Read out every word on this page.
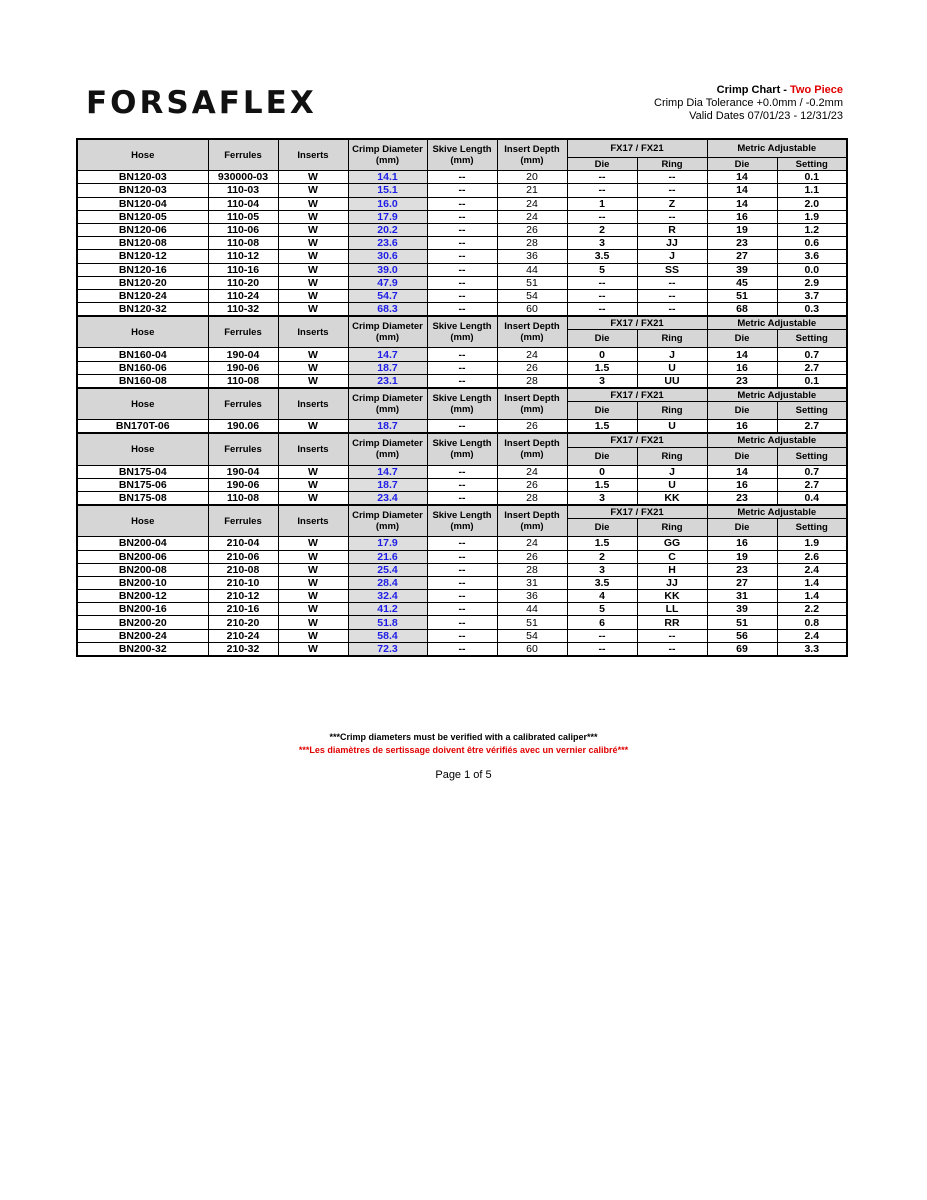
FORSAFLEX	Crimp Chart - Two Piece
Crimp Dia Tolerance +0.0mm / -0.2mm
Valid Dates 07/01/23 - 12/31/23
Hose	Ferrules	Inserts	Crimp Diameter
(mm)	Skive Length
(mm)	Insert Depth
(mm)	FX17 / FX21		Metric Adjustable	
						Die	Ring	Die	Setting
BN120-03	930000-03	W	14.1	--	20	--	--	14	0.1
BN120-03	110-03	W	15.1	--	21	--	--	14	1.1
BN120-04	110-04	W	16.0	--	24	1	Z	14	2.0
BN120-05	110-05	W	17.9	--	24	--	--	16	1.9
BN120-06	110-06	W	20.2	--	26	2	R	19	1.2
BN120-08	110-08	W	23.6	--	28	3	JJ	23	0.6
BN120-12	110-12	W	30.6	--	36	3.5	J	27	3.6
BN120-16	110-16	W	39.0	--	44	5	SS	39	0.0
BN120-20	110-20	W	47.9	--	51	--	--	45	2.9
BN120-24	110-24	W	54.7	--	54	--	--	51	3.7
BN120-32	110-32	W	68.3	--	60	--	--	68	0.3
Hose	Ferrules	Inserts	Crimp Diameter
(mm)	Skive Length
(mm)	Insert Depth
(mm)	FX17 / FX21		Metric Adjustable	
						Die	Ring	Die	Setting
BN160-04	190-04	W	14.7	--	24	0	J	14	0.7
BN160-06	190-06	W	18.7	--	26	1.5	U	16	2.7
BN160-08	110-08	W	23.1	--	28	3	UU	23	0.1
Hose	Ferrules	Inserts	Crimp Diameter
(mm)	Skive Length
(mm)	Insert Depth
(mm)	FX17 / FX21		Metric Adjustable	
						Die	Ring	Die	Setting
BN170T-06	190.06	W	18.7	--	26	1.5	U	16	2.7
Hose	Ferrules	Inserts	Crimp Diameter
(mm)	Skive Length
(mm)	Insert Depth
(mm)	FX17 / FX21		Metric Adjustable	
						Die	Ring	Die	Setting
BN175-04	190-04	W	14.7	--	24	0	J	14	0.7
BN175-06	190-06	W	18.7	--	26	1.5	U	16	2.7
BN175-08	110-08	W	23.4	--	28	3	KK	23	0.4
Hose	Ferrules	Inserts	Crimp Diameter
(mm)	Skive Length
(mm)	Insert Depth
(mm)	FX17 / FX21		Metric Adjustable	
						Die	Ring	Die	Setting
BN200-04	210-04	W	17.9	--	24	1.5	GG	16	1.9
BN200-06	210-06	W	21.6	--	26	2	C	19	2.6
BN200-08	210-08	W	25.4	--	28	3	H	23	2.4
BN200-10	210-10	W	28.4	--	31	3.5	JJ	27	1.4
BN200-12	210-12	W	32.4	--	36	4	KK	31	1.4
BN200-16	210-16	W	41.2	--	44	5	LL	39	2.2
BN200-20	210-20	W	51.8	--	51	6	RR	51	0.8
BN200-24	210-24	W	58.4	--	54	--	--	56	2.4
BN200-32	210-32	W	72.3	--	60	--	--	69	3.3
***Crimp diameters must be verified with a calibrated caliper***
***Les diamètres de sertissage doivent être vérifiés avec un vernier calibré***
Page 1 of 5
